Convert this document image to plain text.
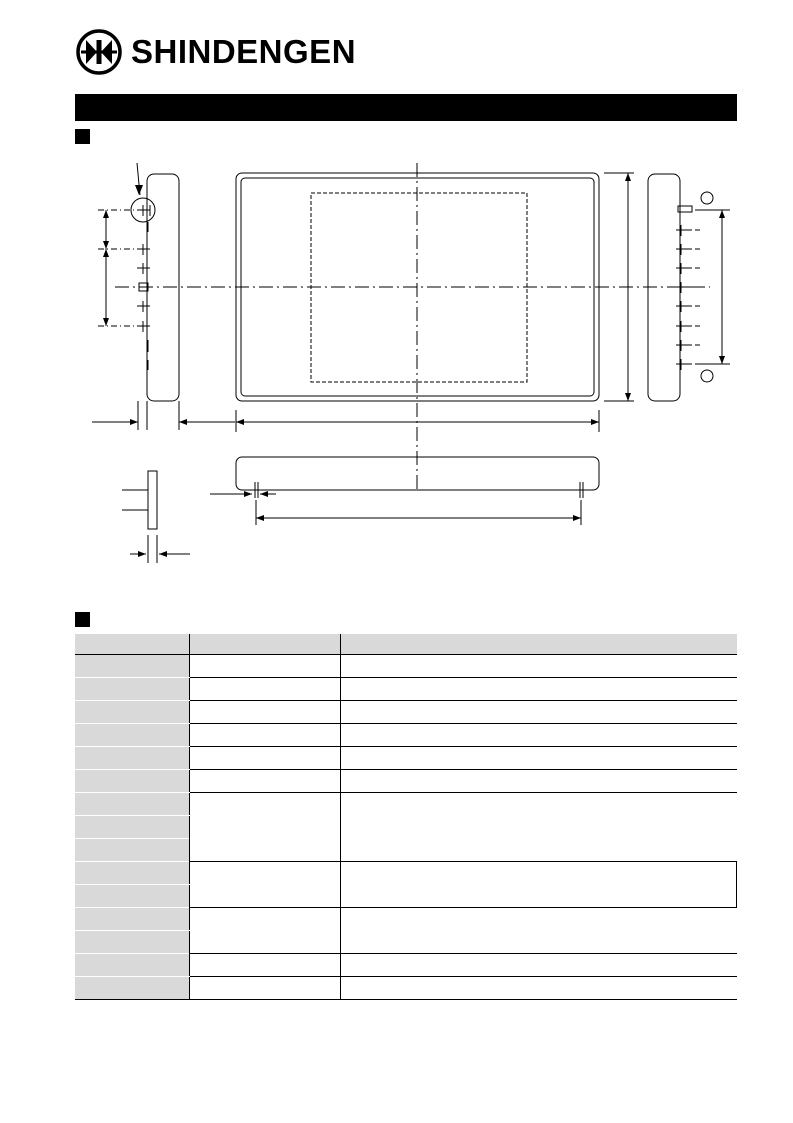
SHINDENGEN
